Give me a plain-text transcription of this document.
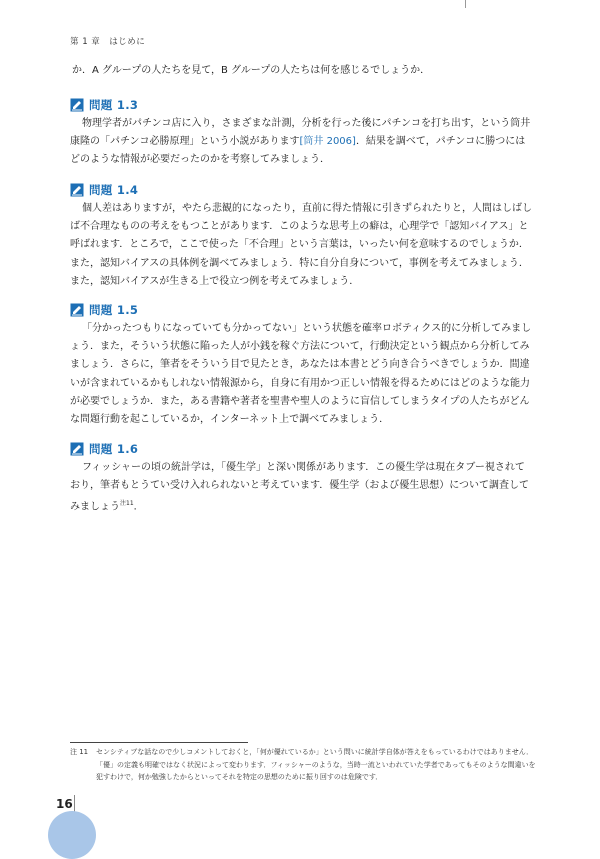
第 1 章　はじめに
か．A グループの人たちを見て，B グループの人たちは何を感じるでしょうか．
問題 1.3

物理学者がパチンコ店に入り，さまざまな計測，分析を行った後にパチンコを打ち出す，という筒井康隆の「パチンコ必勝原理」という小説があります[筒井 2006]．結果を調べて，パチンコに勝つにはどのような情報が必要だったのかを考察してみましょう．

問題 1.4

個人差はありますが，やたら悲観的になったり，直前に得た情報に引きずられたりと，人間はしばしば不合理なものの考えをもつことがあります．このような思考上の癖は，心理学で「認知バイアス」と呼ばれます．ところで，ここで使った「不合理」という言葉は，いったい何を意味するのでしょうか．また，認知バイアスの具体例を調べてみましょう．特に自分自身について，事例を考えてみましょう．また，認知バイアスが生きる上で役立つ例を考えてみましょう．

問題 1.5

「分かったつもりになっていても分かってない」という状態を確率ロボティクス的に分析してみましょう．また，そういう状態に陥った人が小銭を稼ぐ方法について，行動決定という観点から分析してみましょう．さらに，筆者をそういう目で見たとき，あなたは本書とどう向き合うべきでしょうか．間違いが含まれているかもしれない情報源から，自身に有用かつ正しい情報を得るためにはどのような能力が必要でしょうか．また，ある書籍や著者を聖書や聖人のように盲信してしまうタイプの人たちがどんな問題行動を起こしているか，インターネット上で調べてみましょう．

問題 1.6

フィッシャーの頃の統計学は，「優生学」と深い関係があります．この優生学は現在タブー視されており，筆者もとうてい受け入れられないと考えています．優生学（および優生思想）について調査してみましょう$^{注11}$．

注 11	センシティブな話なので少しコメントしておくと，「何が優れているか」という問いに統計学自体が答えをもっているわけではありません．「優」の定義も明確ではなく状況によって変わります．フィッシャーのような，当時一流といわれていた学者であってもそのような間違いを犯すわけで，何か勉強したからといってそれを特定の思想のために振り回すのは危険です．
16
